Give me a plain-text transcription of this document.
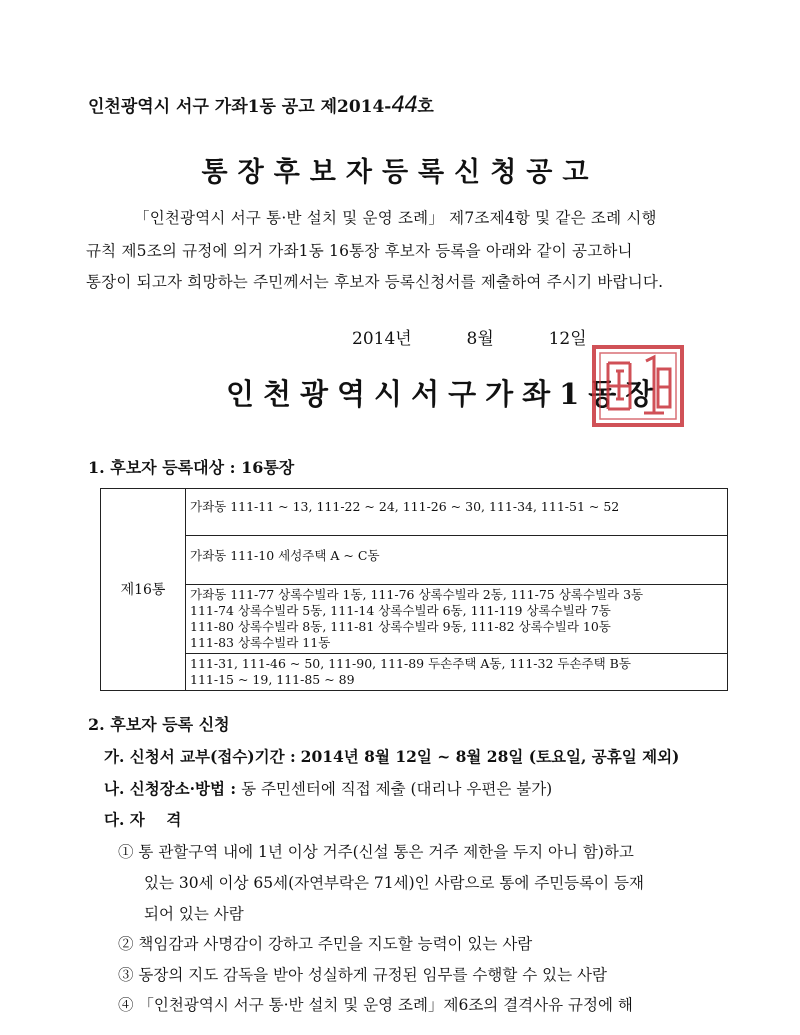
인천광역시 서구 가좌1동 공고 제2014-44호
통장후보자등록신청공고
「인천광역시 서구 통·반 설치 및 운영 조례」 제7조제4항 및 같은 조례 시행
규칙 제5조의 규정에 의거 가좌1동 16통장 후보자 등록을 아래와 같이 공고하니
통장이 되고자 희망하는 주민께서는 후보자 등록신청서를 제출하여 주시기 바랍니다.
2014년	8월	12일
인천광역시서구가좌1동장
1. 후보자 등록대상 : 16통장
제16통	
가좌동 111-11 ~ 13, 111-22 ~ 24, 111-26 ~ 30, 111-34, 111-51 ~ 52

가좌동 111-10 세성주택 A ~ C동

가좌동 111-77 상록수빌라 1동, 111-76 상록수빌라 2동, 111-75 상록수빌라 3동
111-74 상록수빌라 5동, 111-14 상록수빌라 6동, 111-119 상록수빌라 7동
111-80 상록수빌라 8동, 111-81 상록수빌라 9동, 111-82 상록수빌라 10동
111-83 상록수빌라 11동

111-31, 111-46 ~ 50, 111-90, 111-89 두손주택 A동, 111-32 두손주택 B동
111-15 ~ 19, 111-85 ~ 89
2. 후보자 등록 신청
가. 신청서 교부(접수)기간 : 2014년 8월 12일 ~ 8월 28일 (토요일, 공휴일 제외)
나. 신청장소·방법 : 동 주민센터에 직접 제출 (대리나 우편은 불가)
다. 자    격
① 통 관할구역 내에 1년 이상 거주(신설 통은 거주 제한을 두지 아니 함)하고
있는 30세 이상 65세(자연부락은 71세)인 사람으로 통에 주민등록이 등재
되어 있는 사람
② 책임감과 사명감이 강하고 주민을 지도할 능력이 있는 사람
③ 동장의 지도 감독을 받아 성실하게 규정된 임무를 수행할 수 있는 사람
④ 「인천광역시 서구 통·반 설치 및 운영 조례」제6조의 결격사유 규정에 해
